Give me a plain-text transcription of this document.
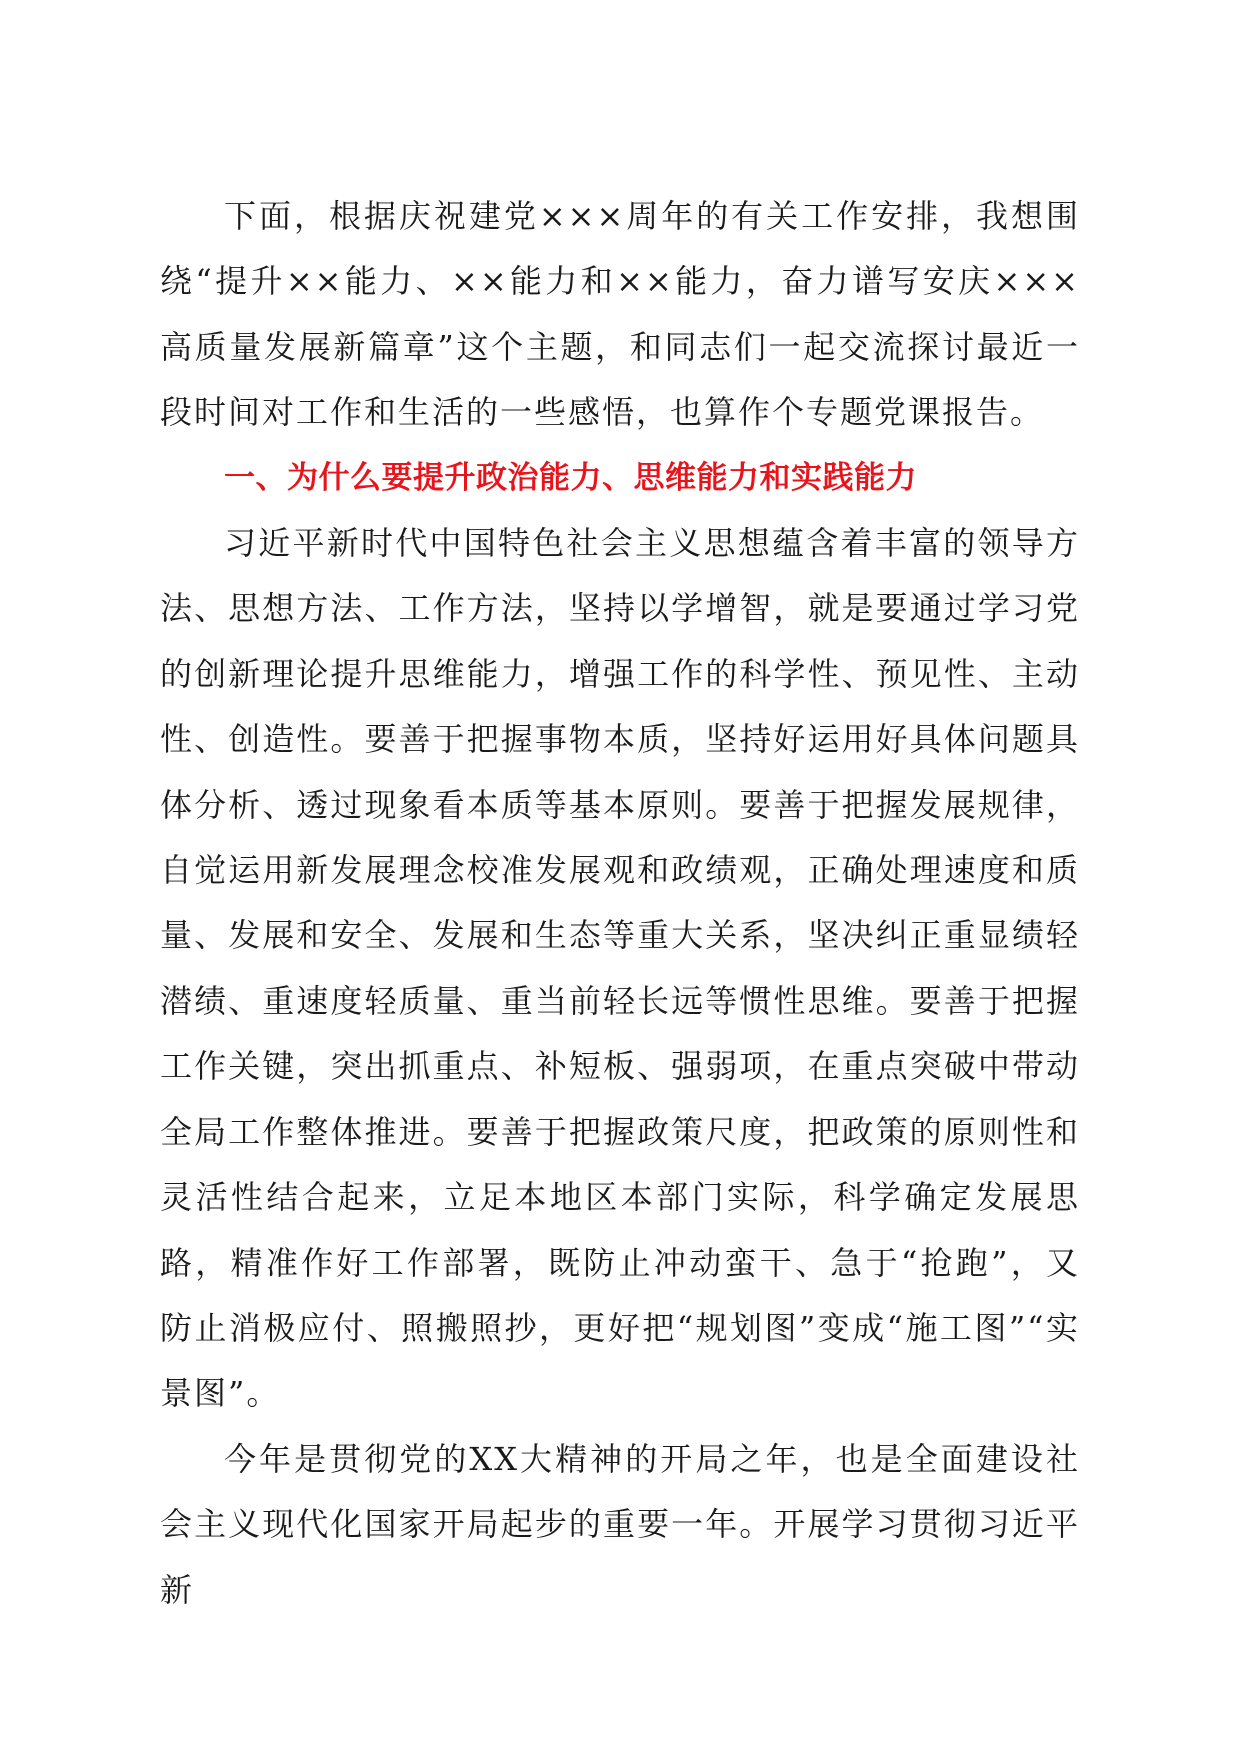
下面，根据庆祝建党×××周年的有关工作安排，我想围绕“提升××能力、××能力和××能力，奋力谱写安庆×××高质量发展新篇章”这个主题，和同志们一起交流探讨最近一段时间对工作和生活的一些感悟，也算作个专题党课报告。

一、为什么要提升政治能力、思维能力和实践能力

习近平新时代中国特色社会主义思想蕴含着丰富的领导方法、思想方法、工作方法，坚持以学增智，就是要通过学习党的创新理论提升思维能力，增强工作的科学性、预见性、主动性、创造性。要善于把握事物本质，坚持好运用好具体问题具体分析、透过现象看本质等基本原则。要善于把握发展规律，自觉运用新发展理念校准发展观和政绩观，正确处理速度和质量、发展和安全、发展和生态等重大关系，坚决纠正重显绩轻潜绩、重速度轻质量、重当前轻长远等惯性思维。要善于把握工作关键，突出抓重点、补短板、强弱项，在重点突破中带动全局工作整体推进。要善于把握政策尺度，把政策的原则性和灵活性结合起来，立足本地区本部门实际，科学确定发展思路，精准作好工作部署，既防止冲动蛮干、急于“抢跑”，又防止消极应付、照搬照抄，更好把“规划图”变成“施工图”“实景图”。

今年是贯彻党的XX大精神的开局之年，也是全面建设社会主义现代化国家开局起步的重要一年。开展学习贯彻习近平新
